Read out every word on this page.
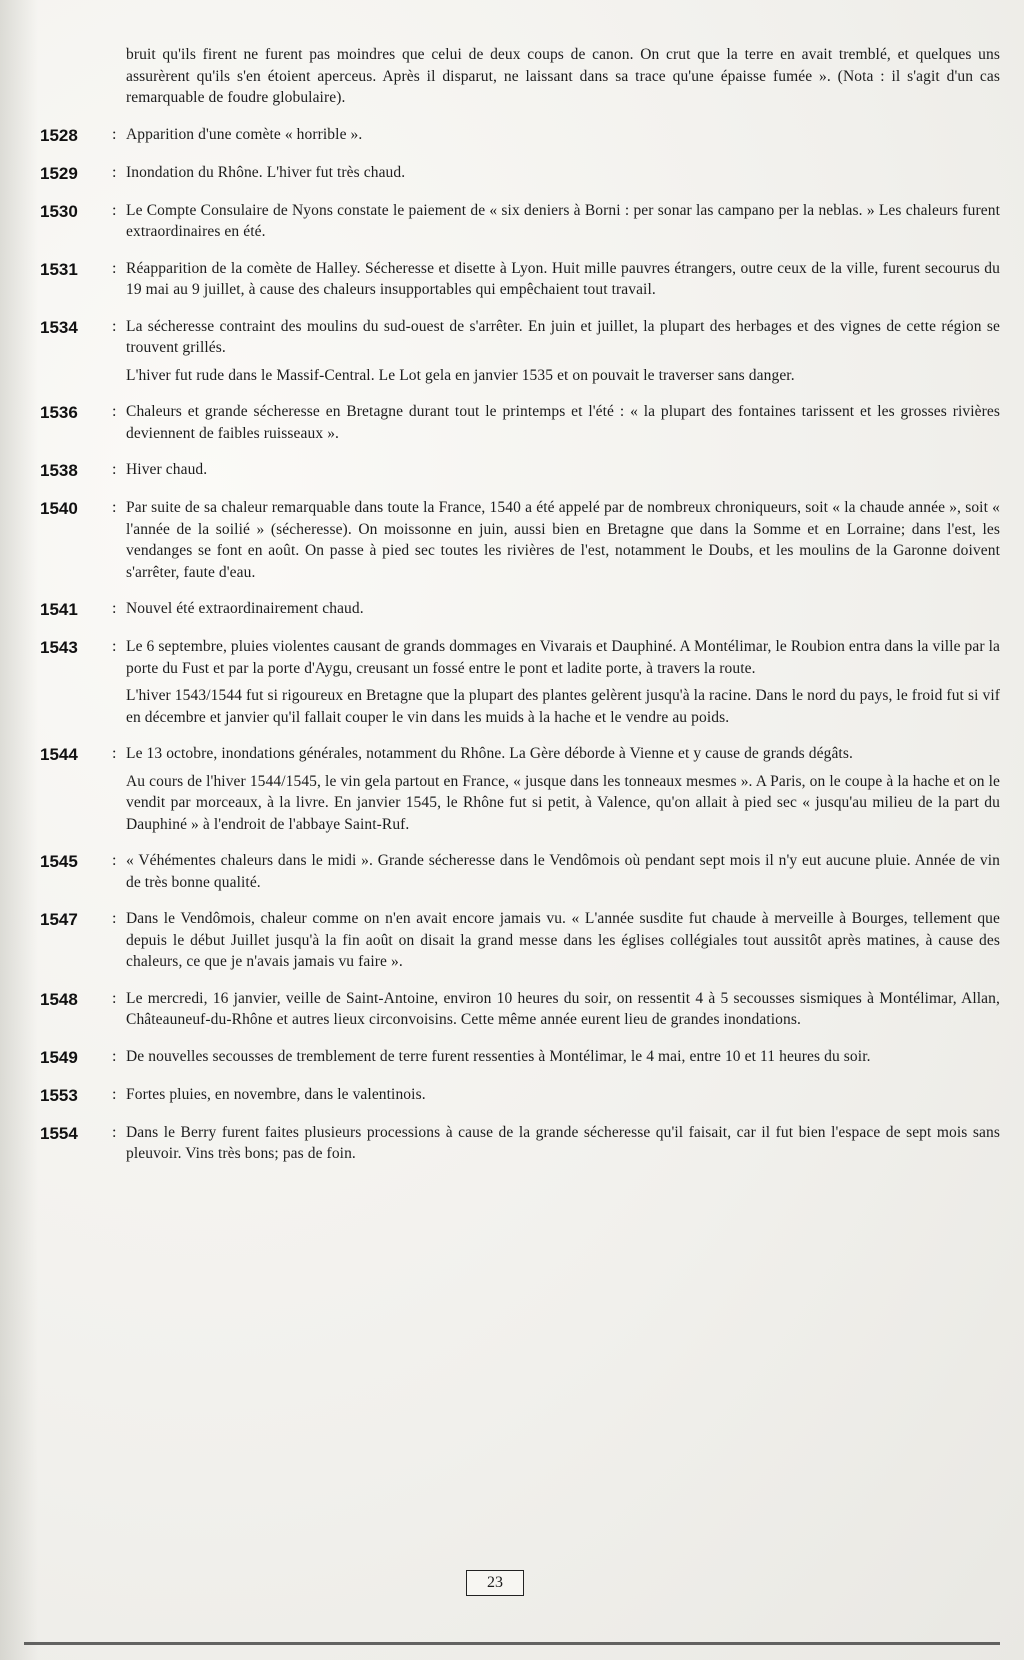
bruit qu'ils firent ne furent pas moindres que celui de deux coups de canon. On crut que la terre en avait tremblé, et quelques uns assurèrent qu'ils s'en étoient aperceus. Après il disparut, ne laissant dans sa trace qu'une épaisse fumée ». (Nota : il s'agit d'un cas remarquable de foudre globulaire).

1528	: Apparition d'une comète « horrible ».

1529	: Inondation du Rhône. L'hiver fut très chaud.

1530	: Le Compte Consulaire de Nyons constate le paiement de « six deniers à Borni : per sonar las campano per la neblas. » Les chaleurs furent extraordinaires en été.

1531	: Réapparition de la comète de Halley. Sécheresse et disette à Lyon. Huit mille pauvres étrangers, outre ceux de la ville, furent secourus du 19 mai au 9 juillet, à cause des chaleurs insupportables qui empêchaient tout travail.

1534	: La sécheresse contraint des moulins du sud-ouest de s'arrêter. En juin et juillet, la plupart des herbages et des vignes de cette région se trouvent grillés.

L'hiver fut rude dans le Massif-Central. Le Lot gela en janvier 1535 et on pouvait le traverser sans danger.

1536	: Chaleurs et grande sécheresse en Bretagne durant tout le printemps et l'été : « la plupart des fontaines tarissent et les grosses rivières deviennent de faibles ruisseaux ».

1538	: Hiver chaud.

1540	: Par suite de sa chaleur remarquable dans toute la France, 1540 a été appelé par de nombreux chroniqueurs, soit « la chaude année », soit « l'année de la soilié » (sécheresse). On moissonne en juin, aussi bien en Bretagne que dans la Somme et en Lorraine; dans l'est, les vendanges se font en août. On passe à pied sec toutes les rivières de l'est, notamment le Doubs, et les moulins de la Garonne doivent s'arrêter, faute d'eau.

1541	: Nouvel été extraordinairement chaud.

1543	: Le 6 septembre, pluies violentes causant de grands dommages en Vivarais et Dauphiné. A Montélimar, le Roubion entra dans la ville par la porte du Fust et par la porte d'Aygu, creusant un fossé entre le pont et ladite porte, à travers la route.

L'hiver 1543/1544 fut si rigoureux en Bretagne que la plupart des plantes gelèrent jusqu'à la racine. Dans le nord du pays, le froid fut si vif en décembre et janvier qu'il fallait couper le vin dans les muids à la hache et le vendre au poids.

1544	: Le 13 octobre, inondations générales, notamment du Rhône. La Gère déborde à Vienne et y cause de grands dégâts.

Au cours de l'hiver 1544/1545, le vin gela partout en France, « jusque dans les tonneaux mesmes ». A Paris, on le coupe à la hache et on le vendit par morceaux, à la livre. En janvier 1545, le Rhône fut si petit, à Valence, qu'on allait à pied sec « jusqu'au milieu de la part du Dauphiné » à l'endroit de l'abbaye Saint-Ruf.

1545	: « Véhémentes chaleurs dans le midi ». Grande sécheresse dans le Vendômois où pendant sept mois il n'y eut aucune pluie. Année de vin de très bonne qualité.

1547	: Dans le Vendômois, chaleur comme on n'en avait encore jamais vu. « L'année susdite fut chaude à merveille à Bourges, tellement que depuis le début Juillet jusqu'à la fin août on disait la grand messe dans les églises collégiales tout aussitôt après matines, à cause des chaleurs, ce que je n'avais jamais vu faire ».

1548	: Le mercredi, 16 janvier, veille de Saint-Antoine, environ 10 heures du soir, on ressentit 4 à 5 secousses sismiques à Montélimar, Allan, Châteauneuf-du-Rhône et autres lieux circonvoisins. Cette même année eurent lieu de grandes inondations.

1549	: De nouvelles secousses de tremblement de terre furent ressenties à Montélimar, le 4 mai, entre 10 et 11 heures du soir.

1553	: Fortes pluies, en novembre, dans le valentinois.

1554	: Dans le Berry furent faites plusieurs processions à cause de la grande sécheresse qu'il faisait, car il fut bien l'espace de sept mois sans pleuvoir. Vins très bons; pas de foin.

23
